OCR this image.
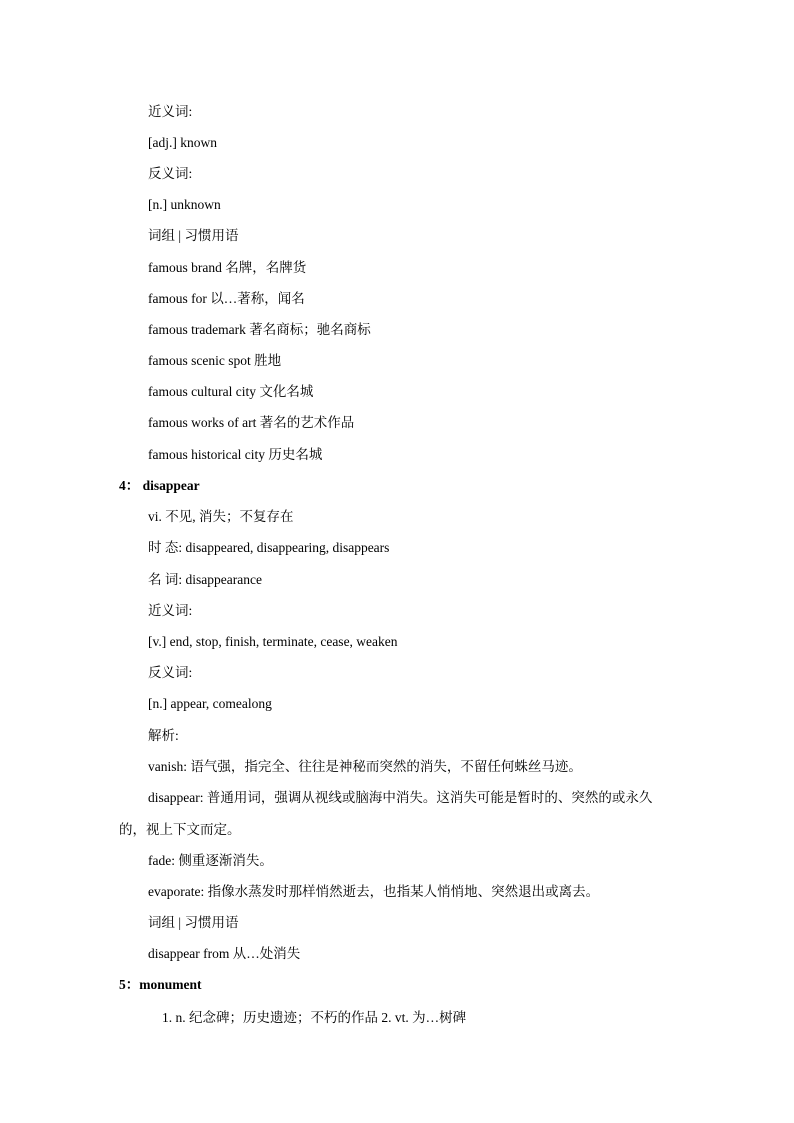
近义词:
[adj.] known
反义词:
[n.] unknown
词组 | 习惯用语
famous brand 名牌，名牌货
famous for 以…著称，闻名
famous trademark 著名商标；驰名商标
famous scenic spot 胜地
famous cultural city 文化名城
famous works of art 著名的艺术作品
famous historical city 历史名城
4： disappear
vi. 不见, 消失；不复存在
时 态: disappeared, disappearing, disappears
名 词: disappearance
近义词:
[v.] end, stop, finish, terminate, cease, weaken
反义词:
[n.] appear, comealong
解析:
vanish: 语气强，指完全、往往是神秘而突然的消失，不留任何蛛丝马迹。
disappear: 普通用词，强调从视线或脑海中消失。这消失可能是暂时的、突然的或永久
的，视上下文而定。
fade: 侧重逐渐消失。
evaporate: 指像水蒸发时那样悄然逝去，也指某人悄悄地、突然退出或离去。
词组 | 习惯用语
disappear from 从…处消失
5：monument
1. n. 纪念碑；历史遗迹；不朽的作品 2. vt. 为…树碑
